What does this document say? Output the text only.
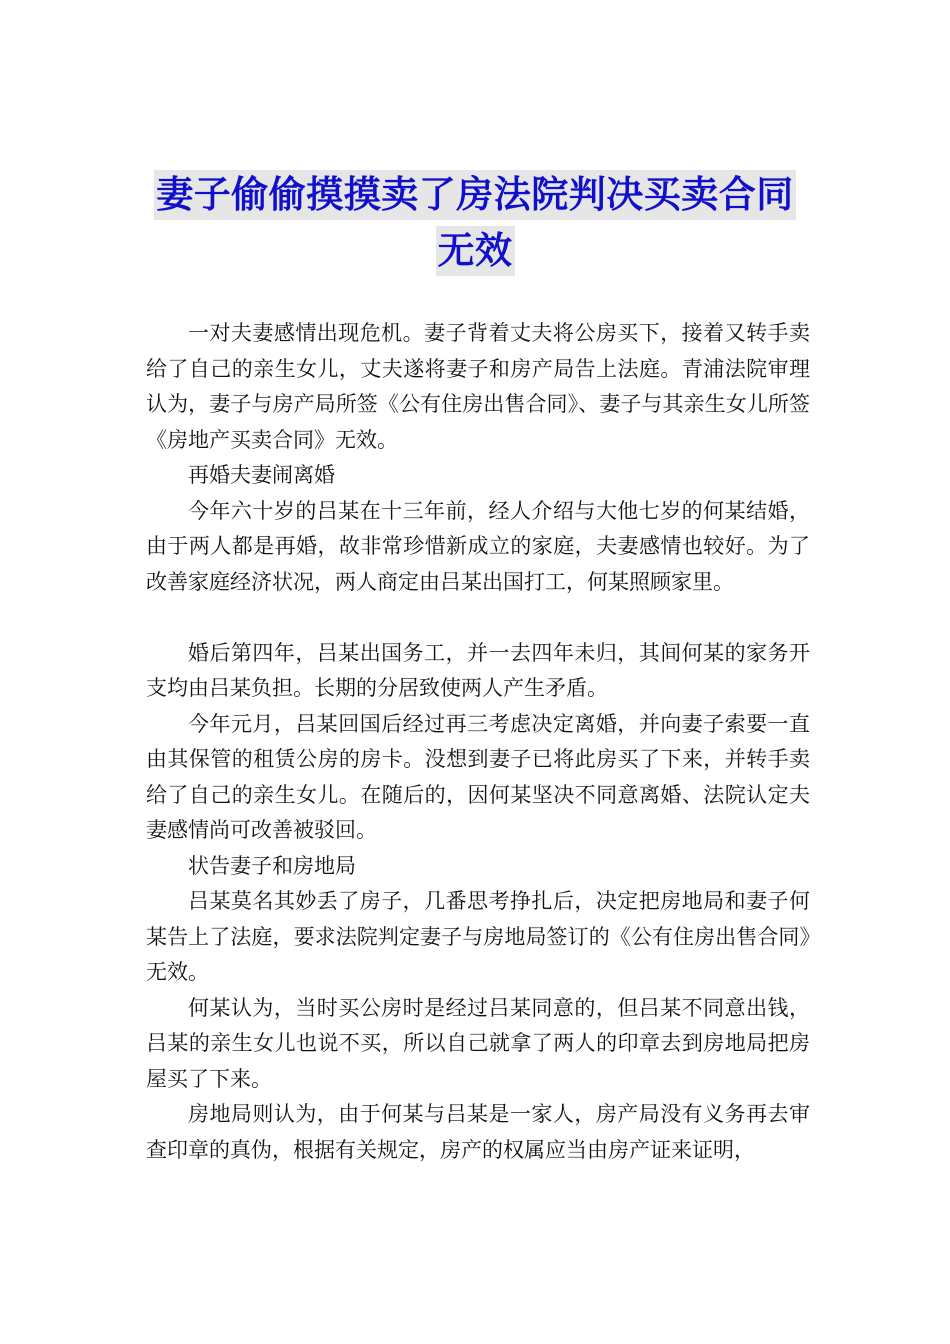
妻子偷偷摸摸卖了房法院判决买卖合同
无效

一对夫妻感情出现危机。妻子背着丈夫将公房买下，接着又转手卖给了自己的亲生女儿，丈夫遂将妻子和房产局告上法庭。青浦法院审理认为，妻子与房产局所签《公有住房出售合同》、妻子与其亲生女儿所签《房地产买卖合同》无效。

再婚夫妻闹离婚

今年六十岁的吕某在十三年前，经人介绍与大他七岁的何某结婚，由于两人都是再婚，故非常珍惜新成立的家庭，夫妻感情也较好。为了改善家庭经济状况，两人商定由吕某出国打工，何某照顾家里。

婚后第四年，吕某出国务工，并一去四年未归，其间何某的家务开支均由吕某负担。长期的分居致使两人产生矛盾。

今年元月，吕某回国后经过再三考虑决定离婚，并向妻子索要一直由其保管的租赁公房的房卡。没想到妻子已将此房买了下来，并转手卖给了自己的亲生女儿。在随后的，因何某坚决不同意离婚、法院认定夫妻感情尚可改善被驳回。

状告妻子和房地局

吕某莫名其妙丢了房子，几番思考挣扎后，决定把房地局和妻子何某告上了法庭，要求法院判定妻子与房地局签订的《公有住房出售合同》无效。

何某认为，当时买公房时是经过吕某同意的，但吕某不同意出钱，吕某的亲生女儿也说不买，所以自己就拿了两人的印章去到房地局把房屋买了下来。

房地局则认为，由于何某与吕某是一家人，房产局没有义务再去审查印章的真伪，根据有关规定，房产的权属应当由房产证来证明，
